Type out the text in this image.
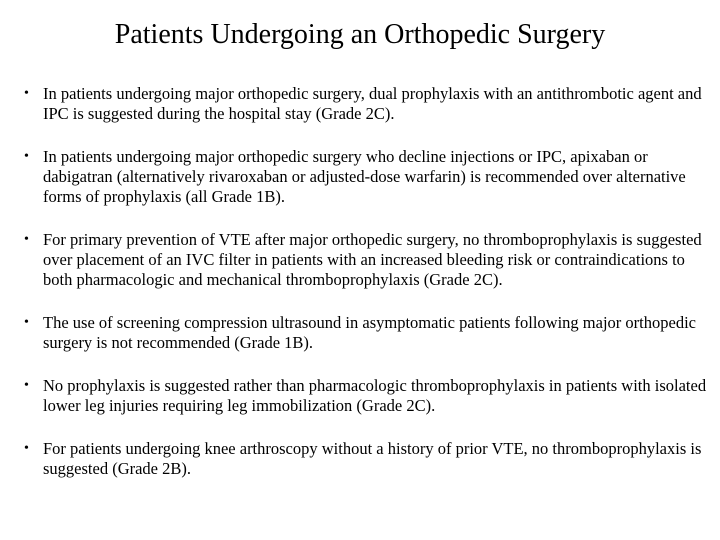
Patients Undergoing an Orthopedic Surgery
• In patients undergoing major orthopedic surgery, dual prophylaxis with an antithrombotic agent and IPC is suggested during the hospital stay (Grade 2C).
• In patients undergoing major orthopedic surgery who decline injections or IPC, apixaban or dabigatran (alternatively rivaroxaban or adjusted-dose warfarin) is recommended over alternative forms of prophylaxis (all Grade 1B).
• For primary prevention of VTE after major orthopedic surgery, no thromboprophylaxis is suggested over placement of an IVC filter in patients with an increased bleeding risk or contraindications to both pharmacologic and mechanical thromboprophylaxis (Grade 2C).
• The use of screening compression ultrasound in asymptomatic patients following major orthopedic surgery is not recommended (Grade 1B).
• No prophylaxis is suggested rather than pharmacologic thromboprophylaxis in patients with isolated lower leg injuries requiring leg immobilization (Grade 2C).
• For patients undergoing knee arthroscopy without a history of prior VTE, no thromboprophylaxis is suggested (Grade 2B).
